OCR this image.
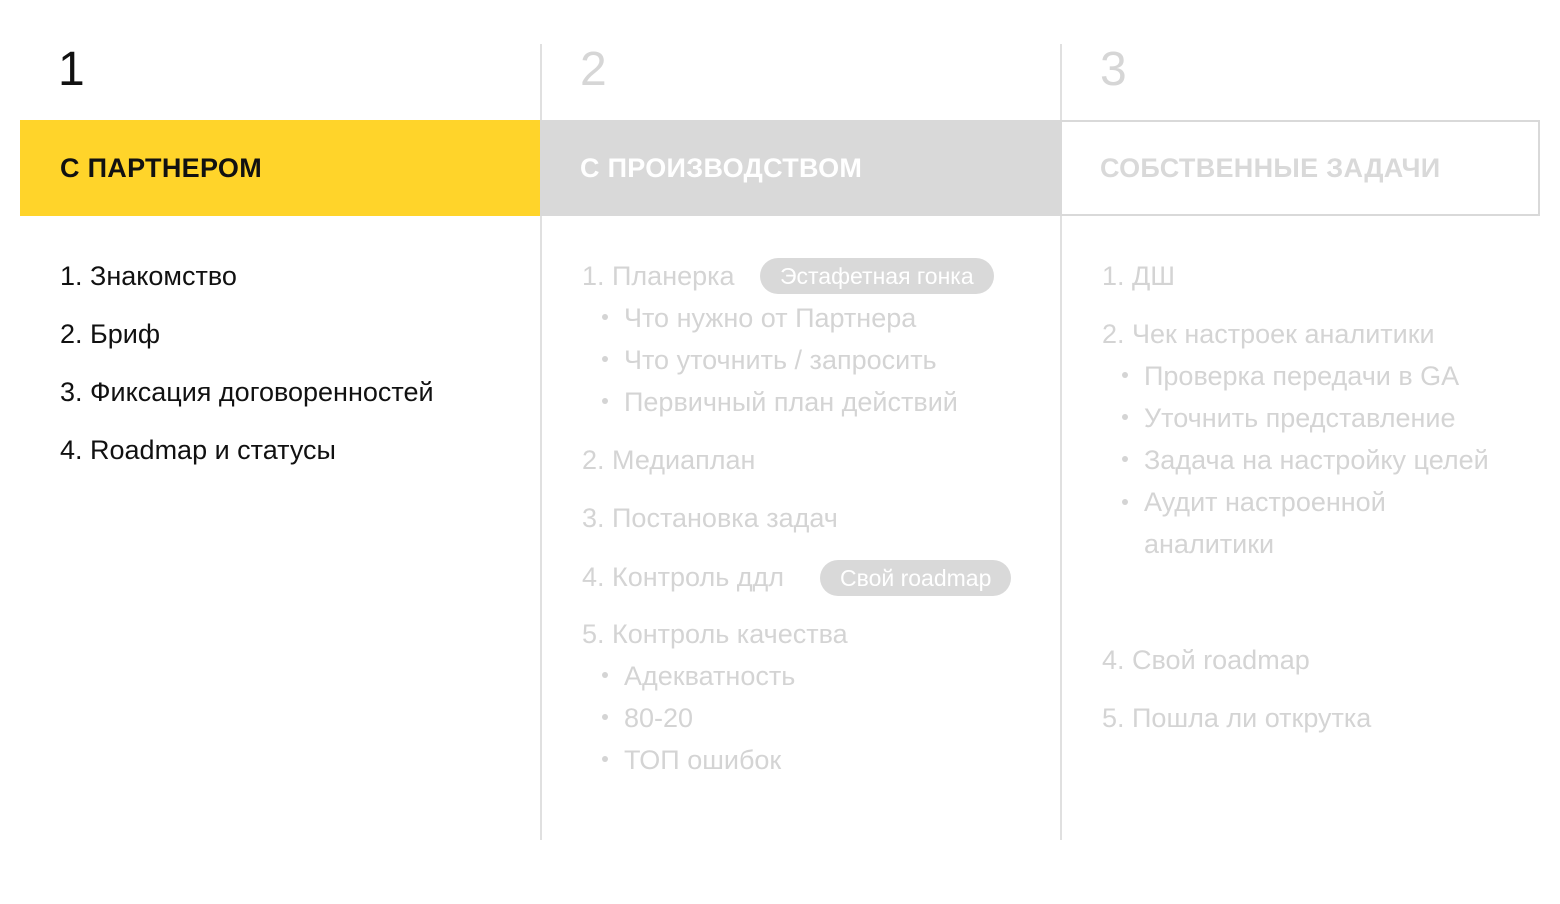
1
С ПАРТНЕРОМ
1. Знакомство
2. Бриф
3. Фиксация договоренностей
4. Roadmap и статусы
2
С ПРОИЗВОДСТВОМ
1. Планерка	Эстафетная гонка
Что нужно от Партнера
Что уточнить / запросить
Первичный план действий
2. Медиаплан
3. Постановка задач
4. Контроль ддл	Свой roadmap
5. Контроль качества
Адекватность
80-20
ТОП ошибок
3
СОБСТВЕННЫЕ ЗАДАЧИ
1. ДШ
2. Чек настроек аналитики
Проверка передачи в GA
Уточнить представление
Задача на настройку целей
Аудит настроенной аналитики
4. Свой roadmap
5. Пошла ли открутка
